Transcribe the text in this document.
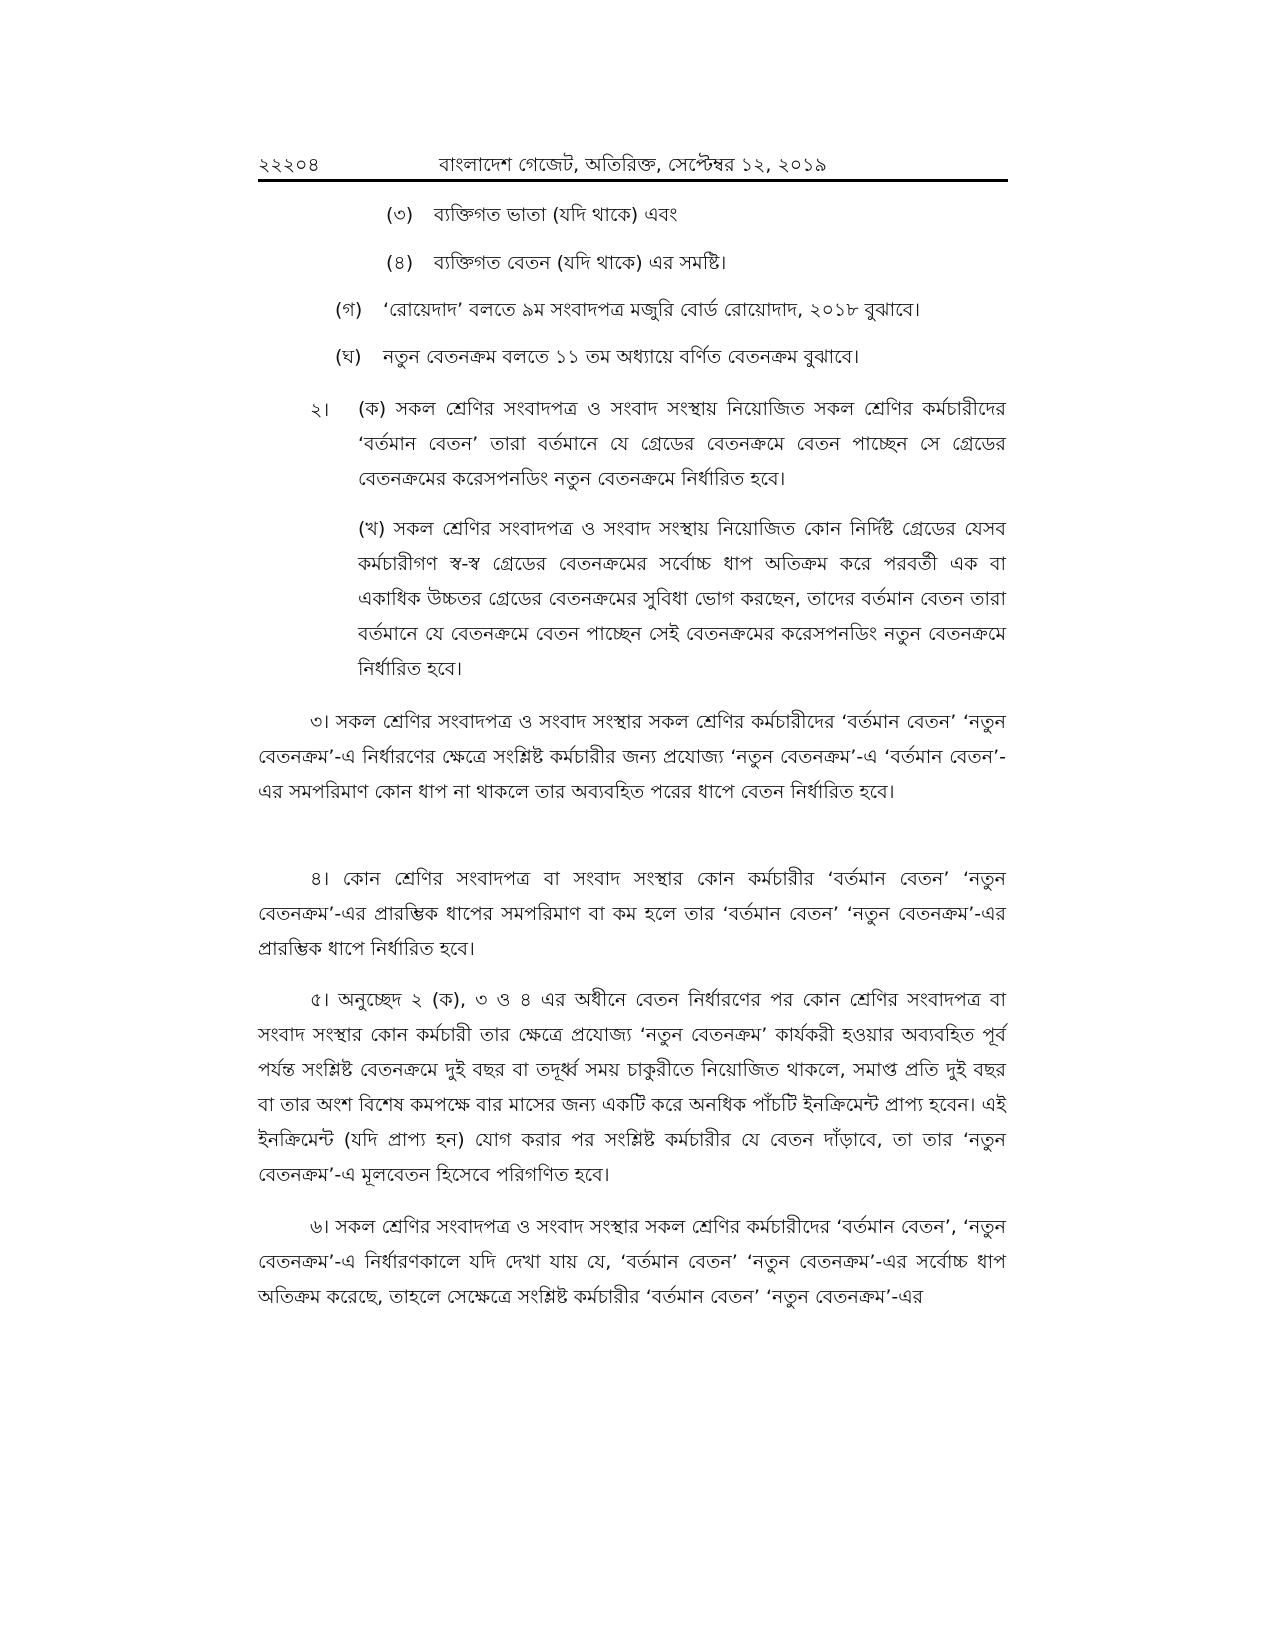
২২২০৪	বাংলাদেশ গেজেট, অতিরিক্ত, সেপ্টেম্বর ১২, ২০১৯
(৩) ব্যক্তিগত ভাতা (যদি থাকে) এবং
(৪) ব্যক্তিগত বেতন (যদি থাকে) এর সমষ্টি।
(গ) ‘রোয়েদাদ’ বলতে ৯ম সংবাদপত্র মজুরি বোর্ড রোয়োদাদ, ২০১৮ বুঝাবে।
(ঘ) নতুন বেতনক্রম বলতে ১১ তম অধ্যায়ে বর্ণিত বেতনক্রম বুঝাবে।
২। (ক) সকল শ্রেণির সংবাদপত্র ও সংবাদ সংস্থায় নিয়োজিত সকল শ্রেণির কর্মচারীদের ‘বর্তমান বেতন’ তারা বর্তমানে যে গ্রেডের বেতনক্রমে বেতন পাচ্ছেন সে গ্রেডের বেতনক্রমের করেসপনডিং নতুন বেতনক্রমে নির্ধারিত হবে।
(খ) সকল শ্রেণির সংবাদপত্র ও সংবাদ সংস্থায় নিয়োজিত কোন নির্দিষ্ট গ্রেডের যেসব কর্মচারীগণ স্ব-স্ব গ্রেডের বেতনক্রমের সর্বোচ্চ ধাপ অতিক্রম করে পরবর্তী এক বা একাধিক উচ্চতর গ্রেডের বেতনক্রমের সুবিধা ভোগ করছেন, তাদের বর্তমান বেতন তারা বর্তমানে যে বেতনক্রমে বেতন পাচ্ছেন সেই বেতনক্রমের করেসপনডিং নতুন বেতনক্রমে নির্ধারিত হবে।
৩। সকল শ্রেণির সংবাদপত্র ও সংবাদ সংস্থার সকল শ্রেণির কর্মচারীদের ‘বর্তমান বেতন’ ‘নতুন বেতনক্রম’-এ নির্ধারণের ক্ষেত্রে সংশ্লিষ্ট কর্মচারীর জন্য প্রযোজ্য ‘নতুন বেতনক্রম’-এ ‘বর্তমান বেতন’-এর সমপরিমাণ কোন ধাপ না থাকলে তার অব্যবহিত পরের ধাপে বেতন নির্ধারিত হবে।
৪। কোন শ্রেণির সংবাদপত্র বা সংবাদ সংস্থার কোন কর্মচারীর ‘বর্তমান বেতন’ ‘নতুন বেতনক্রম’-এর প্রারম্ভিক ধাপের সমপরিমাণ বা কম হলে তার ‘বর্তমান বেতন’ ‘নতুন বেতনক্রম’-এর প্রারম্ভিক ধাপে নির্ধারিত হবে।
৫। অনুচ্ছেদ ২ (ক), ৩ ও ৪ এর অধীনে বেতন নির্ধারণের পর কোন শ্রেণির সংবাদপত্র বা সংবাদ সংস্থার কোন কর্মচারী তার ক্ষেত্রে প্রযোজ্য ‘নতুন বেতনক্রম’ কার্যকরী হওয়ার অব্যবহিত পূর্ব পর্যন্ত সংশ্লিষ্ট বেতনক্রমে দুই বছর বা তদূর্ধ্ব সময় চাকুরীতে নিয়োজিত থাকলে, সমাপ্ত প্রতি দুই বছর বা তার অংশ বিশেষ কমপক্ষে বার মাসের জন্য একটি করে অনধিক পাঁচটি ইনক্রিমেন্ট প্রাপ্য হবেন। এই ইনক্রিমেন্ট (যদি প্রাপ্য হন) যোগ করার পর সংশ্লিষ্ট কর্মচারীর যে বেতন দাঁড়াবে, তা তার ‘নতুন বেতনক্রম’-এ মূলবেতন হিসেবে পরিগণিত হবে।
৬। সকল শ্রেণির সংবাদপত্র ও সংবাদ সংস্থার সকল শ্রেণির কর্মচারীদের ‘বর্তমান বেতন’, ‘নতুন বেতনক্রম’-এ নির্ধারণকালে যদি দেখা যায় যে, ‘বর্তমান বেতন’ ‘নতুন বেতনক্রম’-এর সর্বোচ্চ ধাপ অতিক্রম করেছে, তাহলে সেক্ষেত্রে সংশ্লিষ্ট কর্মচারীর ‘বর্তমান বেতন’ ‘নতুন বেতনক্রম’-এর
